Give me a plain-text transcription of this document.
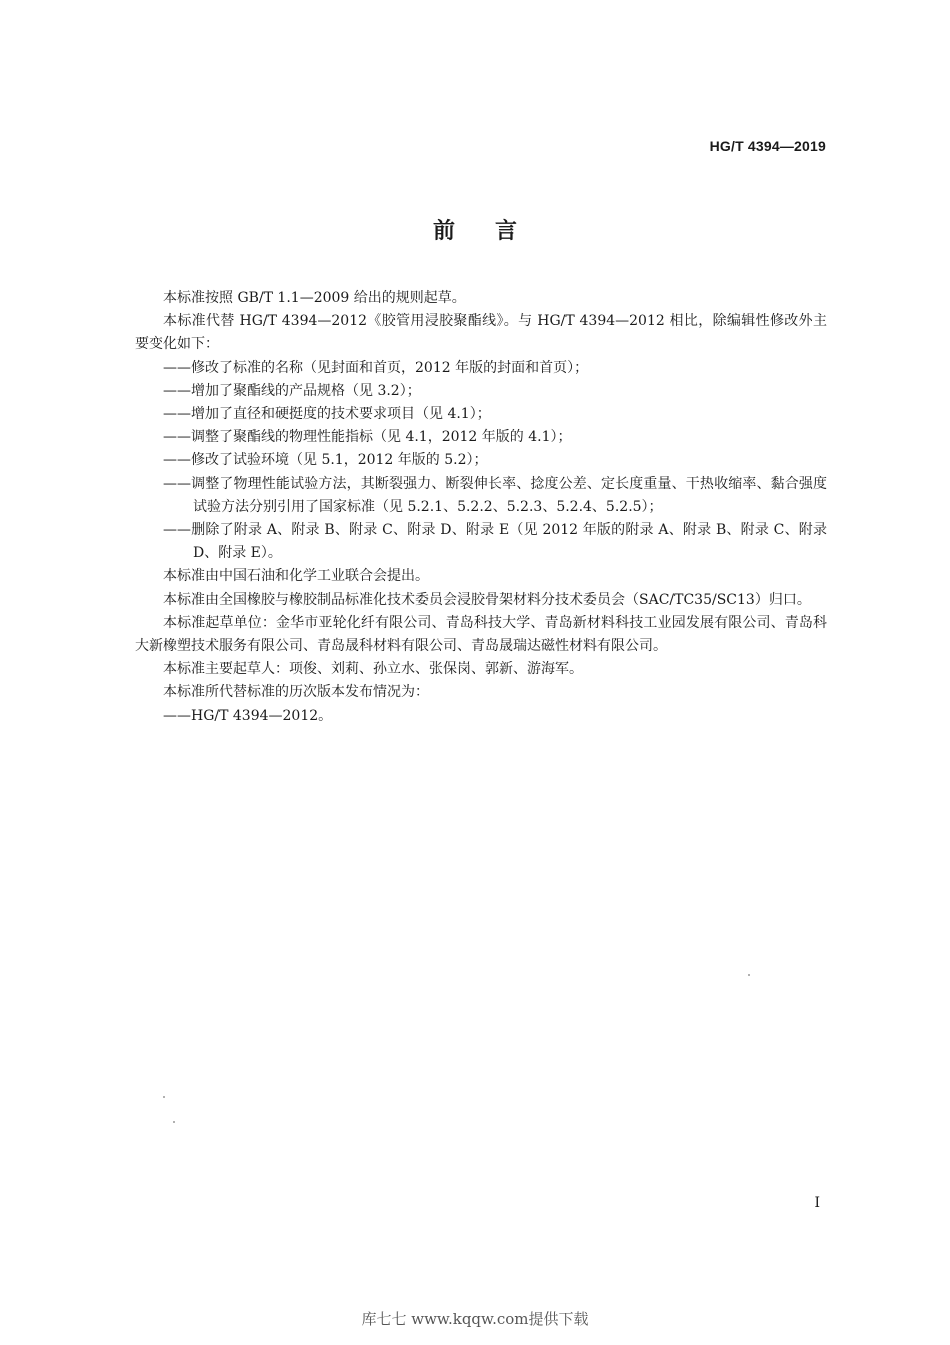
HG/T 4394—2019
前言

本标准按照 GB/T 1.1—2009 给出的规则起草。

本标准代替 HG/T 4394—2012《胶管用浸胶聚酯线》。与 HG/T 4394—2012 相比，除编辑性修改外主要变化如下：

——修改了标准的名称（见封面和首页，2012 年版的封面和首页）；

——增加了聚酯线的产品规格（见 3.2）；

——增加了直径和硬挺度的技术要求项目（见 4.1）；

——调整了聚酯线的物理性能指标（见 4.1，2012 年版的 4.1）；

——修改了试验环境（见 5.1，2012 年版的 5.2）；

——调整了物理性能试验方法，其断裂强力、断裂伸长率、捻度公差、定长度重量、干热收缩率、黏合强度试验方法分别引用了国家标准（见 5.2.1、5.2.2、5.2.3、5.2.4、5.2.5）；

——删除了附录 A、附录 B、附录 C、附录 D、附录 E（见 2012 年版的附录 A、附录 B、附录 C、附录 D、附录 E）。

本标准由中国石油和化学工业联合会提出。

本标准由全国橡胶与橡胶制品标准化技术委员会浸胶骨架材料分技术委员会（SAC/TC35/SC13）归口。

本标准起草单位：金华市亚轮化纤有限公司、青岛科技大学、青岛新材料科技工业园发展有限公司、青岛科大新橡塑技术服务有限公司、青岛晟科材料有限公司、青岛晟瑞达磁性材料有限公司。

本标准主要起草人：项俊、刘莉、孙立水、张保岗、郭新、游海军。

本标准所代替标准的历次版本发布情况为：

——HG/T 4394—2012。

I
库七七 www.kqqw.com提供下载
